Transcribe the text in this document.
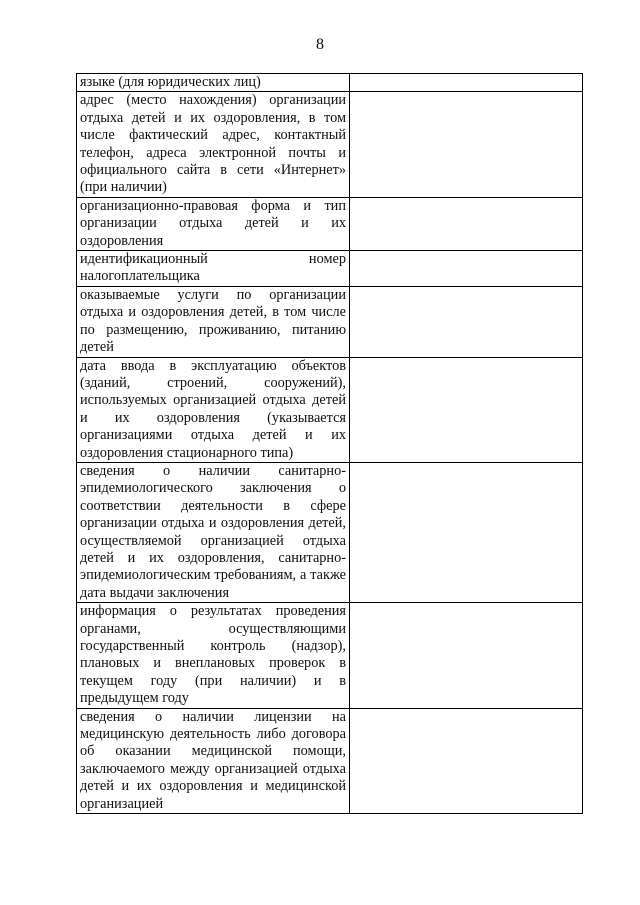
8
языке (для юридических лиц)	
адрес (место нахождения) организации отдыха детей и их оздоровления, в том числе фактический адрес, контактный телефон, адреса электронной почты и официального сайта в сети «Интернет» (при наличии)	
организационно-правовая форма и тип организации отдыха детей и их оздоровления	
идентификационный номер налогоплательщика	
оказываемые услуги по организации отдыха и оздоровления детей, в том числе по размещению, проживанию, питанию детей	
дата ввода в эксплуатацию объектов (зданий, строений, сооружений), используемых организацией отдыха детей и их оздоровления (указывается организациями отдыха детей и их оздоровления стационарного типа)	
сведения о наличии санитарно-эпидемиологического заключения о соответствии деятельности в сфере организации отдыха и оздоровления детей, осуществляемой организацией отдыха детей и их оздоровления, санитарно-эпидемиологическим требованиям, а также дата выдачи заключения	
информация о результатах проведения органами, осуществляющими государственный контроль (надзор), плановых и внеплановых проверок в текущем году (при наличии) и в предыдущем году	
сведения о наличии лицензии на медицинскую деятельность либо договора об оказании медицинской помощи, заключаемого между организацией отдыха детей и их оздоровления и медицинской организацией	
